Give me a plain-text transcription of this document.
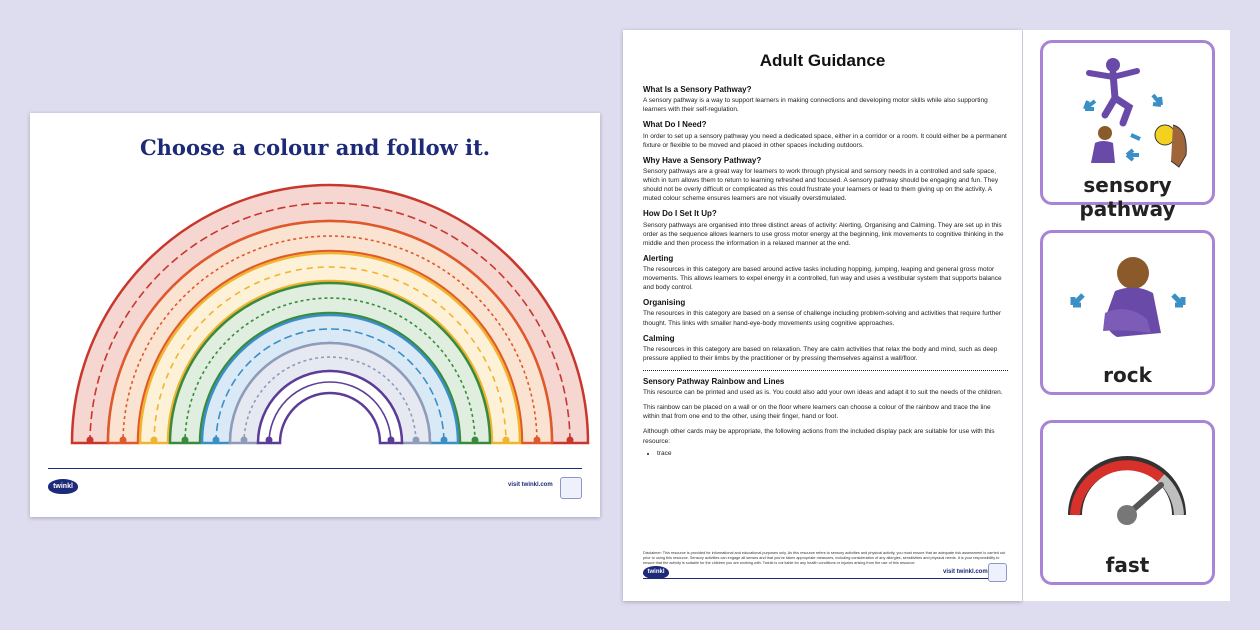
Choose a colour and follow it.
twinkl	visit twinkl.com
Adult Guidance
What Is a Sensory Pathway?

A sensory pathway is a way to support learners in making connections and developing motor skills while also supporting learners with their self-regulation.

What Do I Need?

In order to set up a sensory pathway you need a dedicated space, either in a corridor or a room. It could either be a permanent fixture or flexible to be moved and placed in other spaces including outdoors.

Why Have a Sensory Pathway?

Sensory pathways are a great way for learners to work through physical and sensory needs in a controlled and safe space, which in turn allows them to return to learning refreshed and focused. A sensory pathway should be engaging and fun. They should not be overly difficult or complicated as this could frustrate your learners or lead to them giving up on the activity. A muted colour scheme ensures learners are not visually overstimulated.

How Do I Set It Up?

Sensory pathways are organised into three distinct areas of activity: Alerting, Organising and Calming. They are set up in this order as the sequence allows learners to use gross motor energy at the beginning, link movements to cognitive thinking in the middle and then process the information in a relaxed manner at the end.

Alerting

The resources in this category are based around active tasks including hopping, jumping, leaping and general gross motor movements. This allows learners to expel energy in a controlled, fun way and uses a vestibular system that supports balance and body control.

Organising

The resources in this category are based on a sense of challenge including problem-solving and activities that require further thought. This links with smaller hand-eye-body movements using cognitive approaches.

Calming

The resources in this category are based on relaxation. They are calm activities that relax the body and mind, such as deep pressure applied to their limbs by the practitioner or by pressing themselves against a wall/floor.

Sensory Pathway Rainbow and Lines

This resource can be printed and used as is. You could also add your own ideas and adapt it to suit the needs of the children.

This rainbow can be placed on a wall or on the floor where learners can choose a colour of the rainbow and trace the line within that from one end to the other, using their finger, hand or foot.

Although other cards may be appropriate, the following actions from the included display pack are suitable for use with this resource:

• trace
Disclaimer: This resource is provided for informational and educational purposes only. As this resource refers to sensory activities and physical activity, you must ensure that an adequate risk assessment is carried out prior to using this resource. Sensory activities can engage all senses and that you've taken appropriate measures, including consideration of any allergies, sensitivities and physical needs. It is your responsibility to ensure that the activity is suitable for the children you are working with. Twinkl is not liable for any health conditions or injuries arising from the use of this resource.
twinkl	visit twinkl.com
sensory pathway
rock
fast
